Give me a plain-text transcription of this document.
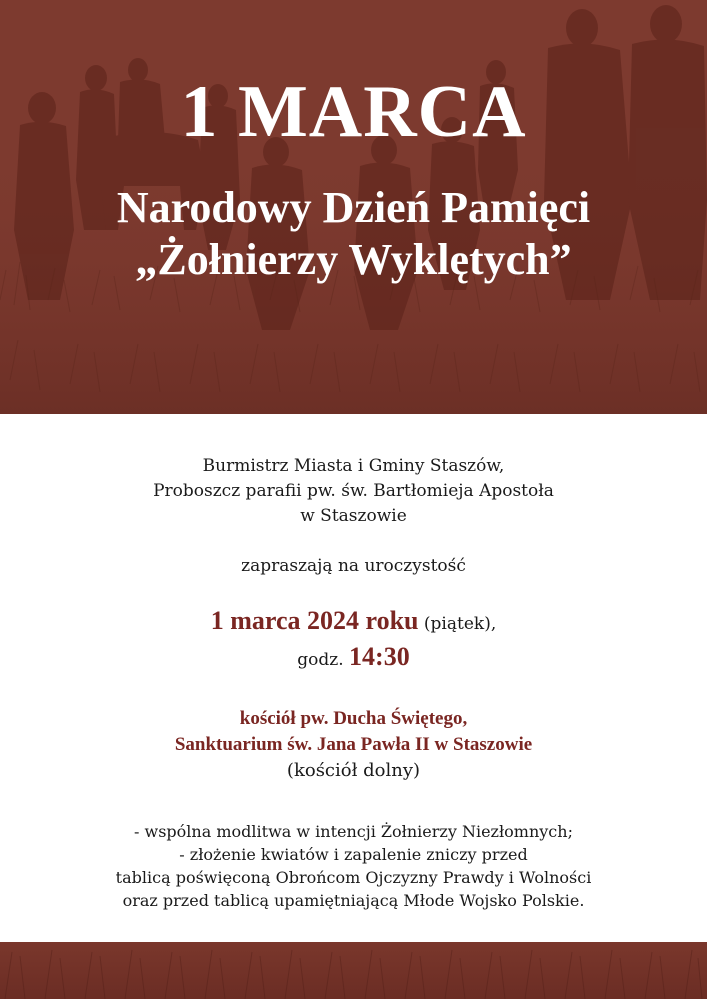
1 MARCA
Narodowy Dzień Pamięci
„Żołnierzy Wyklętych”
Burmistrz Miasta i Gminy Staszów,
Proboszcz parafii pw. św. Bartłomieja Apostoła
w Staszowie
zapraszają na uroczystość
1 marca 2024 roku (piątek),
godz. 14:30
kościół pw. Ducha Świętego,
Sanktuarium św. Jana Pawła II w Staszowie
(kościół dolny)
- wspólna modlitwa w intencji Żołnierzy Niezłomnych;
- złożenie kwiatów i zapalenie zniczy przed
tablicą poświęconą Obrońcom Ojczyzny Prawdy i Wolności
oraz przed tablicą upamiętniającą Młode Wojsko Polskie.
